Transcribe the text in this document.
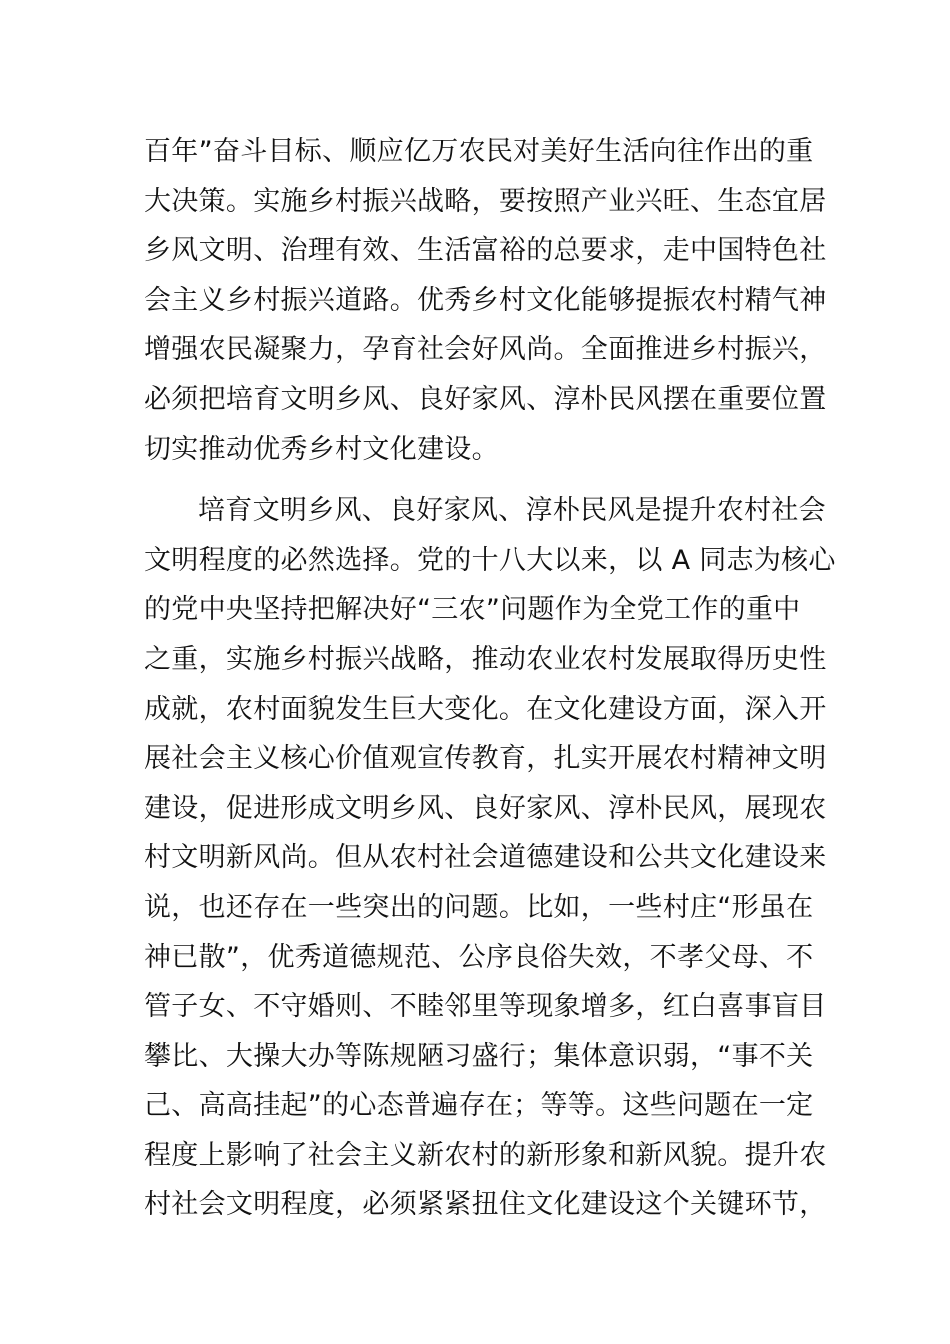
百年”奋斗目标、顺应亿万农民对美好生活向往作出的重
大决策。实施乡村振兴战略，要按照产业兴旺、生态宜居
乡风文明、治理有效、生活富裕的总要求，走中国特色社
会主义乡村振兴道路。优秀乡村文化能够提振农村精气神
增强农民凝聚力，孕育社会好风尚。全面推进乡村振兴，
必须把培育文明乡风、良好家风、淳朴民风摆在重要位置
切实推动优秀乡村文化建设。
培育文明乡风、良好家风、淳朴民风是提升农村社会
文明程度的必然选择。党的十八大以来，以 A 同志为核心
的党中央坚持把解决好“三农”问题作为全党工作的重中
之重，实施乡村振兴战略，推动农业农村发展取得历史性
成就，农村面貌发生巨大变化。在文化建设方面，深入开
展社会主义核心价值观宣传教育，扎实开展农村精神文明
建设，促进形成文明乡风、良好家风、淳朴民风，展现农
村文明新风尚。但从农村社会道德建设和公共文化建设来
说，也还存在一些突出的问题。比如，一些村庄“形虽在
神已散”，优秀道德规范、公序良俗失效，不孝父母、不
管子女、不守婚则、不睦邻里等现象增多，红白喜事盲目
攀比、大操大办等陈规陋习盛行；集体意识弱，“事不关
己、高高挂起”的心态普遍存在；等等。这些问题在一定
程度上影响了社会主义新农村的新形象和新风貌。提升农
村社会文明程度，必须紧紧扭住文化建设这个关键环节，
